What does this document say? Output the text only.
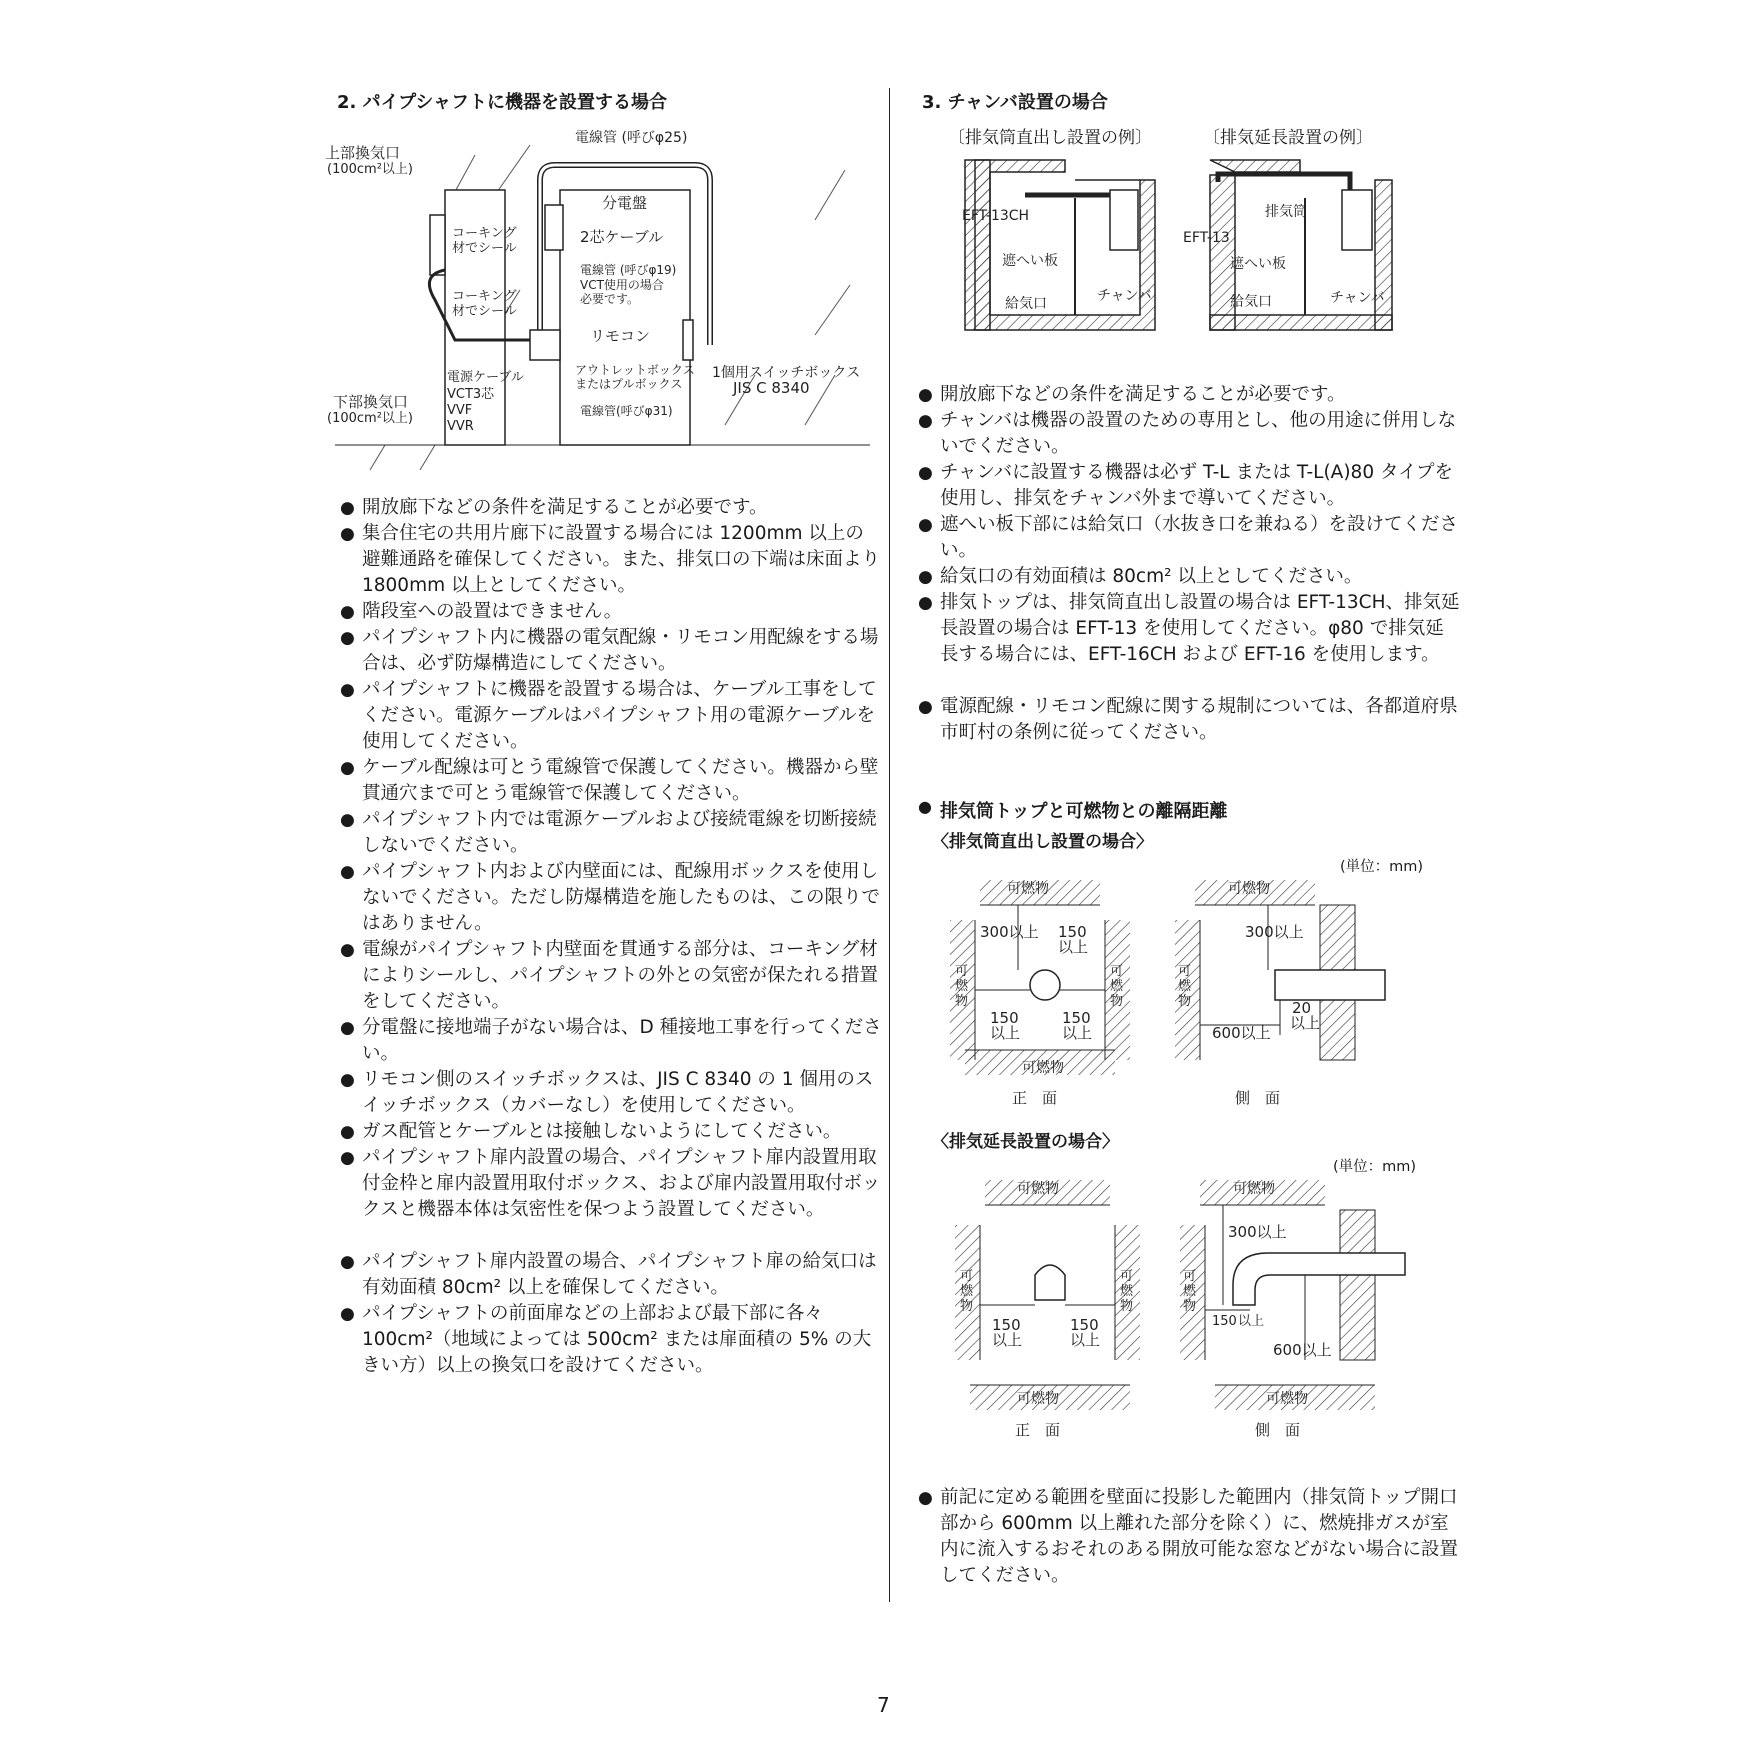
2. パイプシャフトに機器を設置する場合
上部換気口
(100cm²以上)
電線管 (呼びφ25)
分電盤
コーキング
材でシール
2芯ケーブル
電線管 (呼びφ19)
VCT使用の場合
必要です。
コーキング
材でシール
リモコン
電源ケーブル
VCT3芯
VVF
VVR
アウトレットボックス
またはプルボックス
電線管(呼びφ31)
1個用スイッチボックス
JIS C 8340
下部換気口
(100cm²以上)
● 開放廊下などの条件を満足することが必要です。
● 集合住宅の共用片廊下に設置する場合には 1200mm 以上の避難通路を確保してください。また、排気口の下端は床面より 1800mm 以上としてください。
● 階段室への設置はできません。
● パイプシャフト内に機器の電気配線・リモコン用配線をする場合は、必ず防爆構造にしてください。
● パイプシャフトに機器を設置する場合は、ケーブル工事をしてください。電源ケーブルはパイプシャフト用の電源ケーブルを使用してください。
● ケーブル配線は可とう電線管で保護してください。機器から壁貫通穴まで可とう電線管で保護してください。
● パイプシャフト内では電源ケーブルおよび接続電線を切断接続しないでください。
● パイプシャフト内および内壁面には、配線用ボックスを使用しないでください。ただし防爆構造を施したものは、この限りではありません。
● 電線がパイプシャフト内壁面を貫通する部分は、コーキング材によりシールし、パイプシャフトの外との気密が保たれる措置をしてください。
● 分電盤に接地端子がない場合は、D 種接地工事を行ってください。
● リモコン側のスイッチボックスは、JIS C 8340 の 1 個用のスイッチボックス（カバーなし）を使用してください。
● ガス配管とケーブルとは接触しないようにしてください。
● パイプシャフト扉内設置の場合、パイプシャフト扉内設置用取付金枠と扉内設置用取付ボックス、および扉内設置用取付ボックスと機器本体は気密性を保つよう設置してください。
● パイプシャフト扉内設置の場合、パイプシャフト扉の給気口は有効面積 80cm² 以上を確保してください。
● パイプシャフトの前面扉などの上部および最下部に各々 100cm²（地域によっては 500cm² または扉面積の 5% の大きい方）以上の換気口を設けてください。
3. チャンバ設置の場合
〔排気筒直出し設置の例〕	〔排気延長設置の例〕
EFT-13CH
遮へい板
給気口	チャンバ
排気筒
EFT-13
遮へい板
給気口	チャンバ
● 開放廊下などの条件を満足することが必要です。
● チャンバは機器の設置のための専用とし、他の用途に併用しないでください。
● チャンバに設置する機器は必ず T-L または T-L(A)80 タイプを使用し、排気をチャンバ外まで導いてください。
● 遮へい板下部には給気口（水抜き口を兼ねる）を設けてください。
● 給気口の有効面積は 80cm² 以上としてください。
● 排気トップは、排気筒直出し設置の場合は EFT-13CH、排気延長設置の場合は EFT-13 を使用してください。φ80 で排気延長する場合には、EFT-16CH および EFT-16 を使用します。
● 電源配線・リモコン配線に関する規制については、各都道府県市町村の条例に従ってください。
● 排気筒トップと可燃物との離隔距離
〈排気筒直出し設置の場合〉
(単位：mm)
可燃物
300以上 150
以上
可
燃
物
可
燃
物
150
以上
150
以上
可燃物
正　面
可燃物
300以上
可
燃
物
600以上
20
以上
側　面
〈排気延長設置の場合〉
(単位：mm)
可燃物
可
燃
物
可
燃
物
150
以上
150
以上
可燃物
正　面
可燃物
300以上
可
燃
物
150 以上
600以上
可燃物
側　面
● 前記に定める範囲を壁面に投影した範囲内（排気筒トップ開口部から 600mm 以上離れた部分を除く）に、燃焼排ガスが室内に流入するおそれのある開放可能な窓などがない場合に設置してください。
7
